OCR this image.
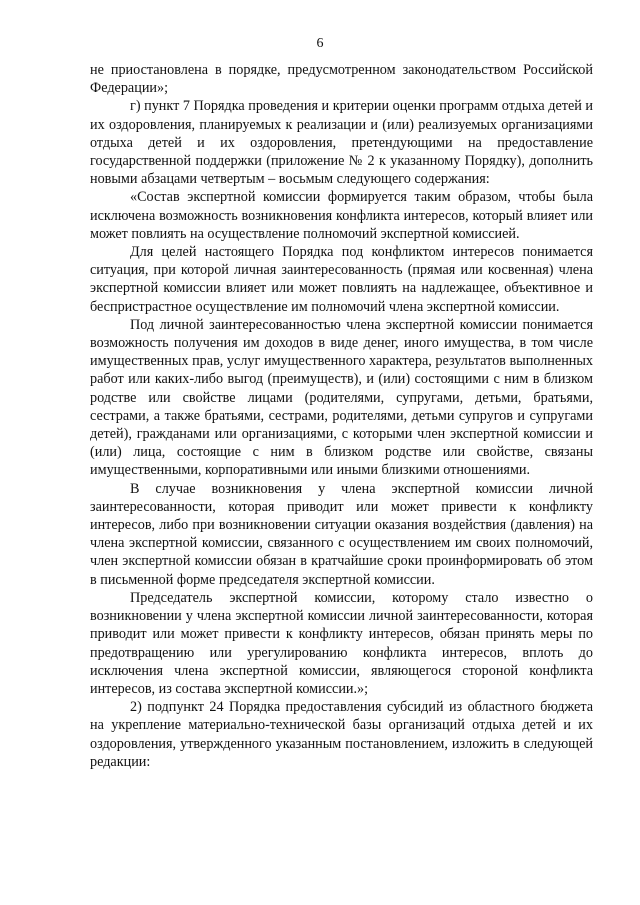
6

не приостановлена в порядке, предусмотренном законодательством Российской Федерации»;

г) пункт 7 Порядка проведения и критерии оценки программ отдыха детей и их оздоровления, планируемых к реализации и (или) реализуемых организациями отдыха детей и их оздоровления, претендующими на предоставление государственной поддержки (приложение № 2 к указанному Порядку), дополнить новыми абзацами четвертым – восьмым следующего содержания:

«Состав экспертной комиссии формируется таким образом, чтобы была исключена возможность возникновения конфликта интересов, который влияет или может повлиять на осуществление полномочий экспертной комиссией.

Для целей настоящего Порядка под конфликтом интересов понимается ситуация, при которой личная заинтересованность (прямая или косвенная) члена экспертной комиссии влияет или может повлиять на надлежащее, объективное и беспристрастное осуществление им полномочий члена экспертной комиссии.

Под личной заинтересованностью члена экспертной комиссии понимается возможность получения им доходов в виде денег, иного имущества, в том числе имущественных прав, услуг имущественного характера, результатов выполненных работ или каких-либо выгод (преимуществ), и (или) состоящими с ним в близком родстве или свойстве лицами (родителями, супругами, детьми, братьями, сестрами, а также братьями, сестрами, родителями, детьми супругов и супругами детей), гражданами или организациями, с которыми член экспертной комиссии и (или) лица, состоящие с ним в близком родстве или свойстве, связаны имущественными, корпоративными или иными близкими отношениями.

В случае возникновения у члена экспертной комиссии личной заинтересованности, которая приводит или может привести к конфликту интересов, либо при возникновении ситуации оказания воздействия (давления) на члена экспертной комиссии, связанного с осуществлением им своих полномочий, член экспертной комиссии обязан в кратчайшие сроки проинформировать об этом в письменной форме председателя экспертной комиссии.

Председатель экспертной комиссии, которому стало известно о возникновении у члена экспертной комиссии личной заинтересованности, которая приводит или может привести к конфликту интересов, обязан принять меры по предотвращению или урегулированию конфликта интересов, вплоть до исключения члена экспертной комиссии, являющегося стороной конфликта интересов, из состава экспертной комиссии.»;

2) подпункт 24 Порядка предоставления субсидий из областного бюджета на укрепление материально-технической базы организаций отдыха детей и их оздоровления, утвержденного указанным постановлением, изложить в следующей редакции:
